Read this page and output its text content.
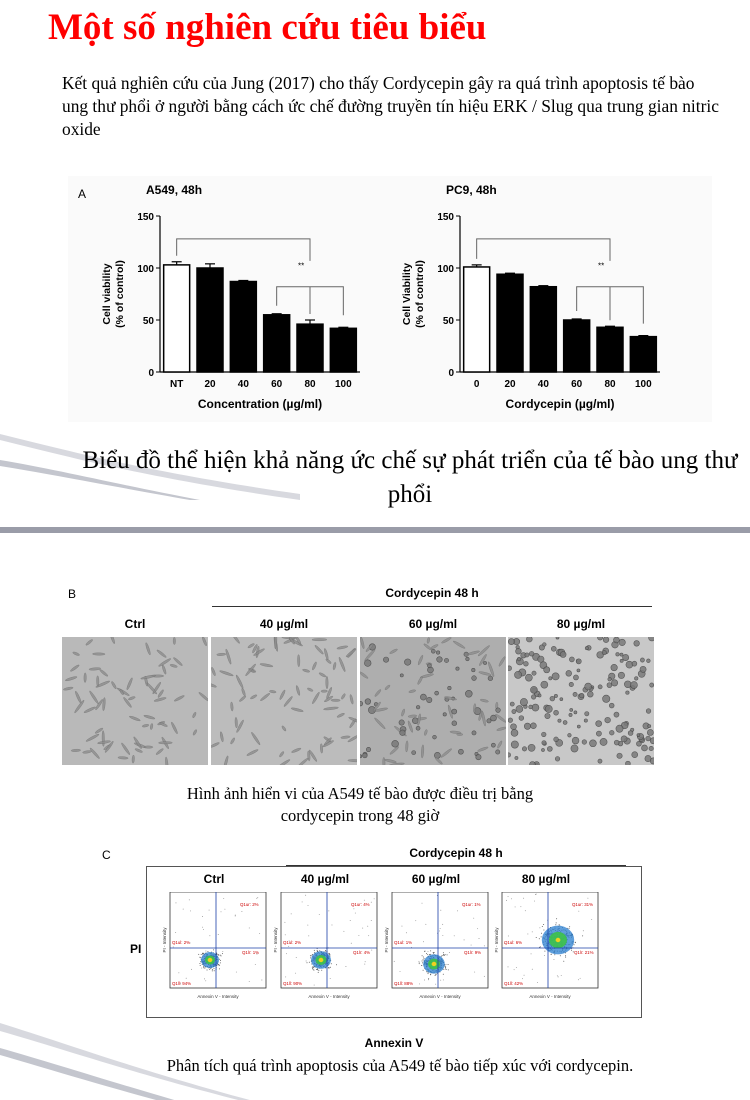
Một số nghiên cứu tiêu biểu
Kết quả nghiên cứu của Jung (2017) cho thấy Cordycepin gây ra quá trình apoptosis tế bào ung thư phổi ở người bằng cách ức chế đường truyền tín hiệu ERK / Slug qua trung gian nitric oxide
A	A549, 48h
0
50
100
150
Cell viability (% of control)
NT 20 40 60 80 100
**
Concentration (µg/ml)
PC9, 48h
0
50
100
150
Cell Viability (% of control)
0 20 40 60 80 100
**
Cordycepin (µg/ml)
Biểu đồ thể hiện khả năng ức chế sự phát triển của tế bào ung thư phổi
B	Cordycepin 48 h
Ctrl	40 µg/ml	60 µg/ml	80 µg/ml
Hình ảnh hiển vi của A549 tế bào được điều trị bằng
cordycepin trong 48 giờ
C	Cordycepin 48 h
Ctrl	40 µg/ml	60 µg/ml	80 µg/ml
PI
Annexin V
Q1ul: 2%
Q1ur: 2%
Q1ll: 94%
Q1lr: 1%
Annexin V - Intensity
PI - Intensity	Q1ul: 2%
Q1ur: 4%
Q1ll: 90%
Q1lr: 4%
Annexin V - Intensity
PI - Intensity	Q1ul: 1%
Q1ur: 1%
Q1ll: 88%
Q1lr: 9%
Annexin V - Intensity
PI - Intensity	Q1ul: 6%
Q1ur: 31%
Q1ll: 42%
Q1lr: 21%
Annexin V - Intensity
PI - Intensity
Phân tích quá trình apoptosis của A549 tế bào tiếp xúc với cordycepin.
